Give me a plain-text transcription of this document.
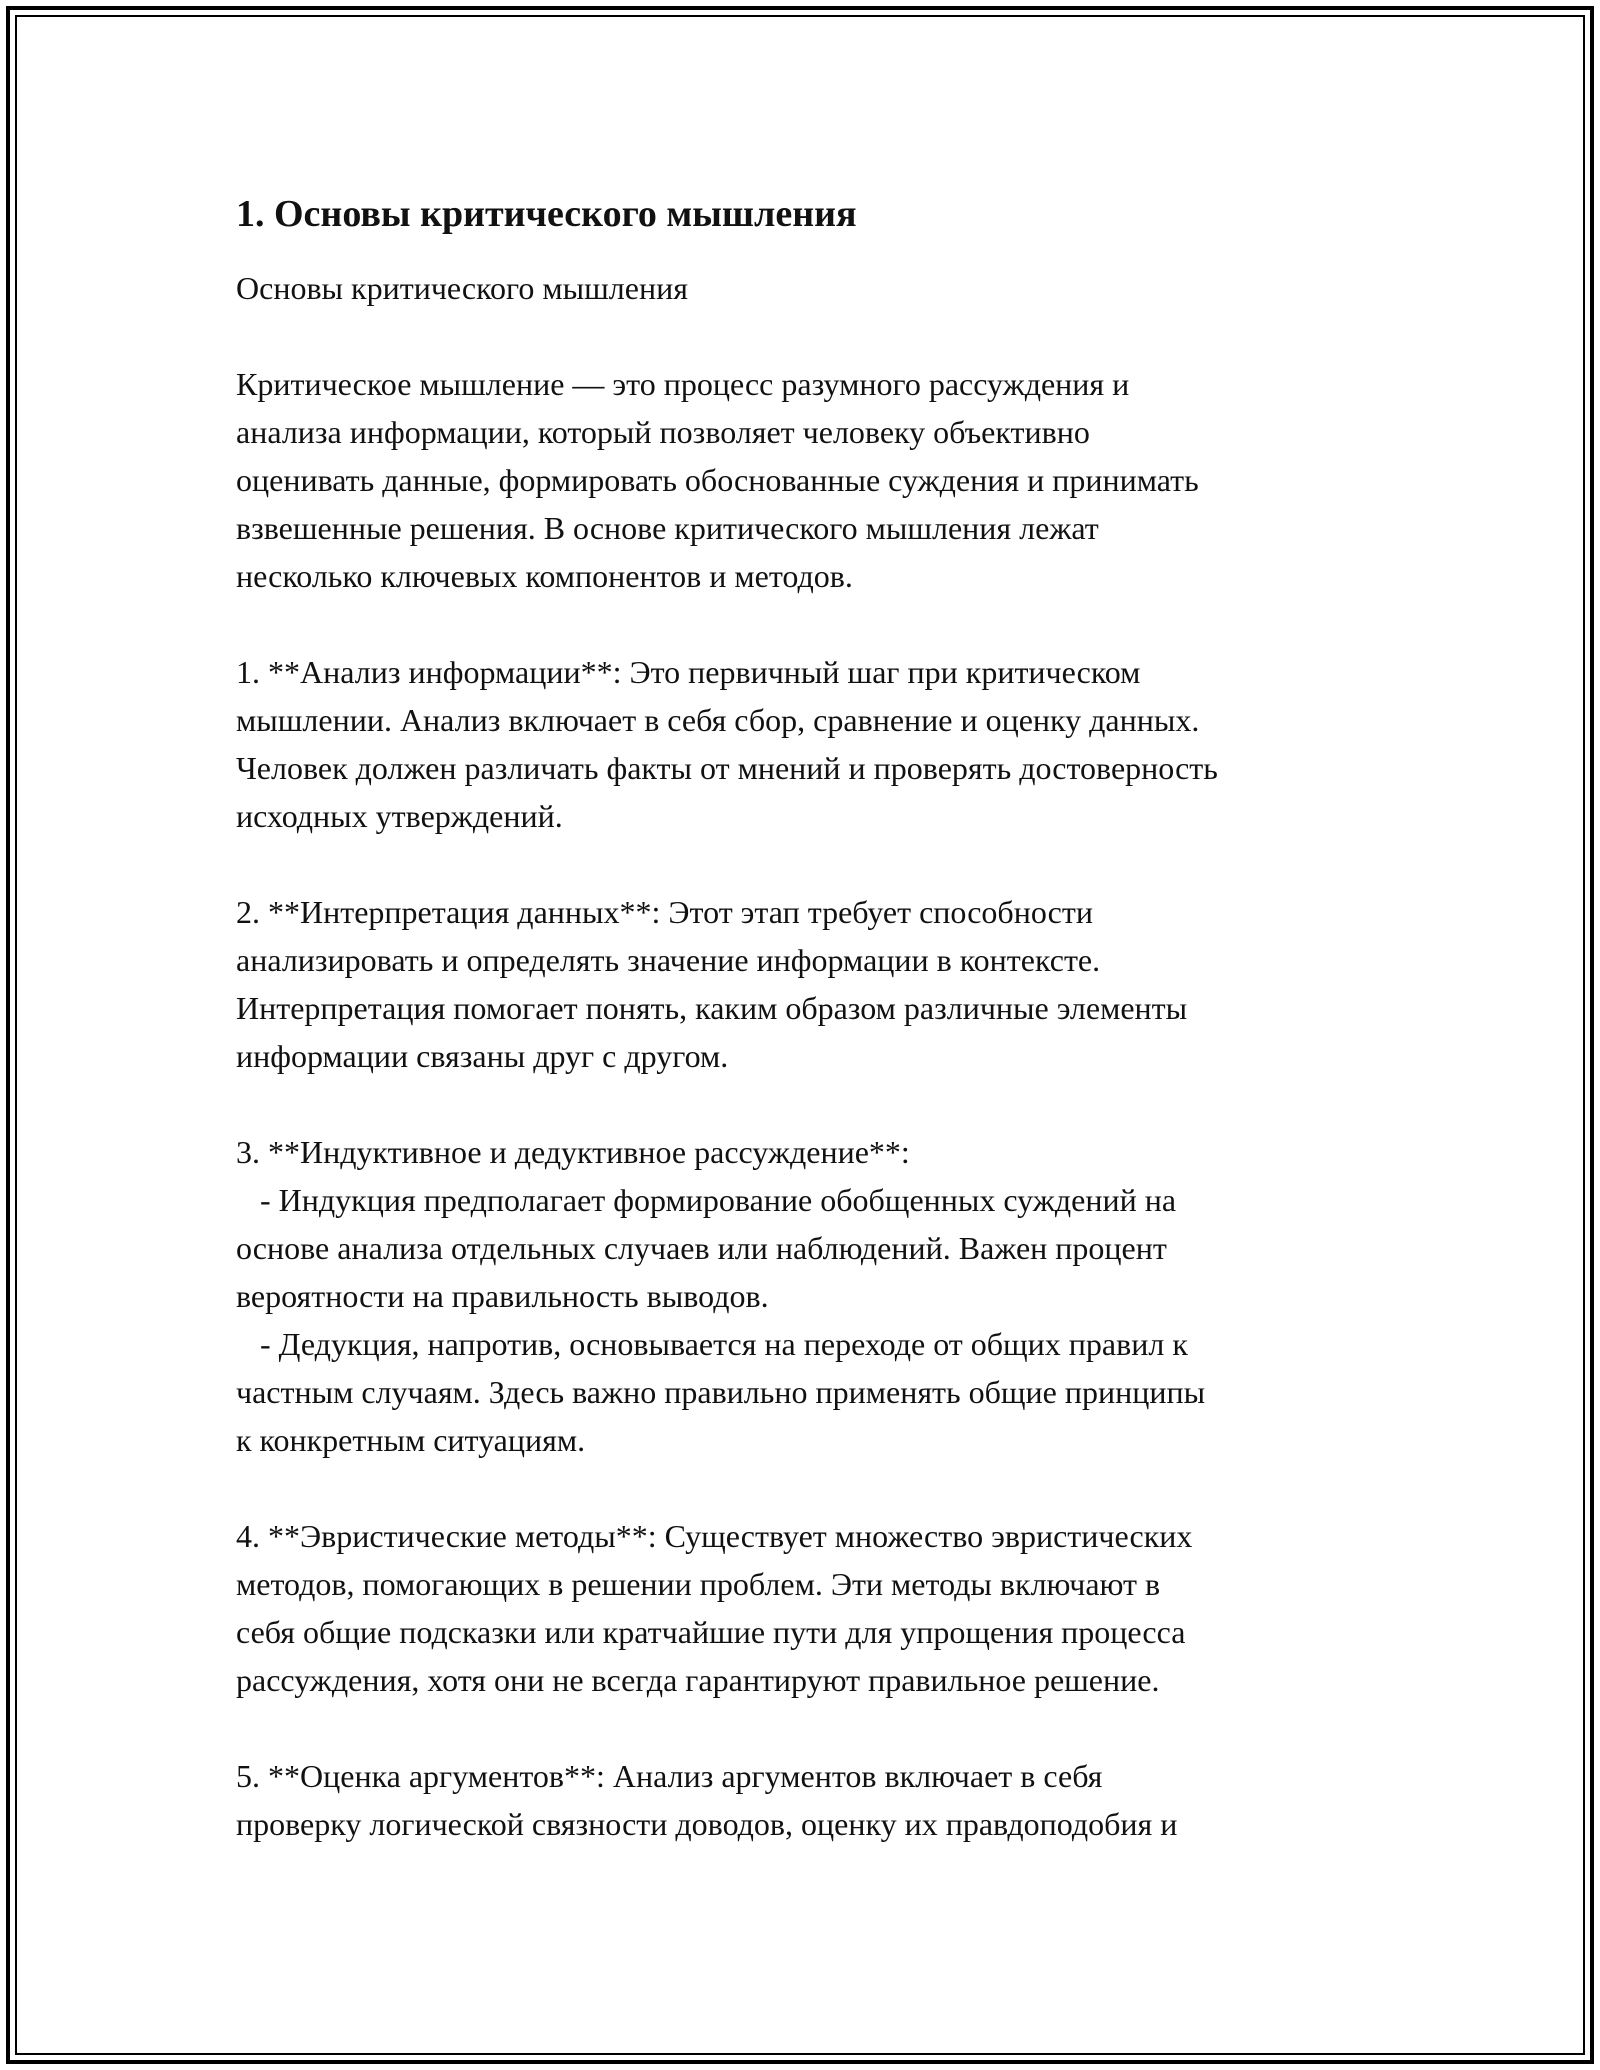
1. Основы критического мышления

Основы критического мышления

Критическое мышление — это процесс разумного рассуждения и
анализа информации, который позволяет человеку объективно
оценивать данные, формировать обоснованные суждения и принимать
взвешенные решения. В основе критического мышления лежат
несколько ключевых компонентов и методов.

1. **Анализ информации**: Это первичный шаг при критическом
мышлении. Анализ включает в себя сбор, сравнение и оценку данных.
Человек должен различать факты от мнений и проверять достоверность
исходных утверждений.

2. **Интерпретация данных**: Этот этап требует способности
анализировать и определять значение информации в контексте.
Интерпретация помогает понять, каким образом различные элементы
информации связаны друг с другом.

3. **Индуктивное и дедуктивное рассуждение**:
- Индукция предполагает формирование обобщенных суждений на
основе анализа отдельных случаев или наблюдений. Важен процент
вероятности на правильность выводов.
- Дедукция, напротив, основывается на переходе от общих правил к
частным случаям. Здесь важно правильно применять общие принципы
к конкретным ситуациям.

4. **Эвристические методы**: Существует множество эвристических
методов, помогающих в решении проблем. Эти методы включают в
себя общие подсказки или кратчайшие пути для упрощения процесса
рассуждения, хотя они не всегда гарантируют правильное решение.

5. **Оценка аргументов**: Анализ аргументов включает в себя
проверку логической связности доводов, оценку их правдоподобия и
